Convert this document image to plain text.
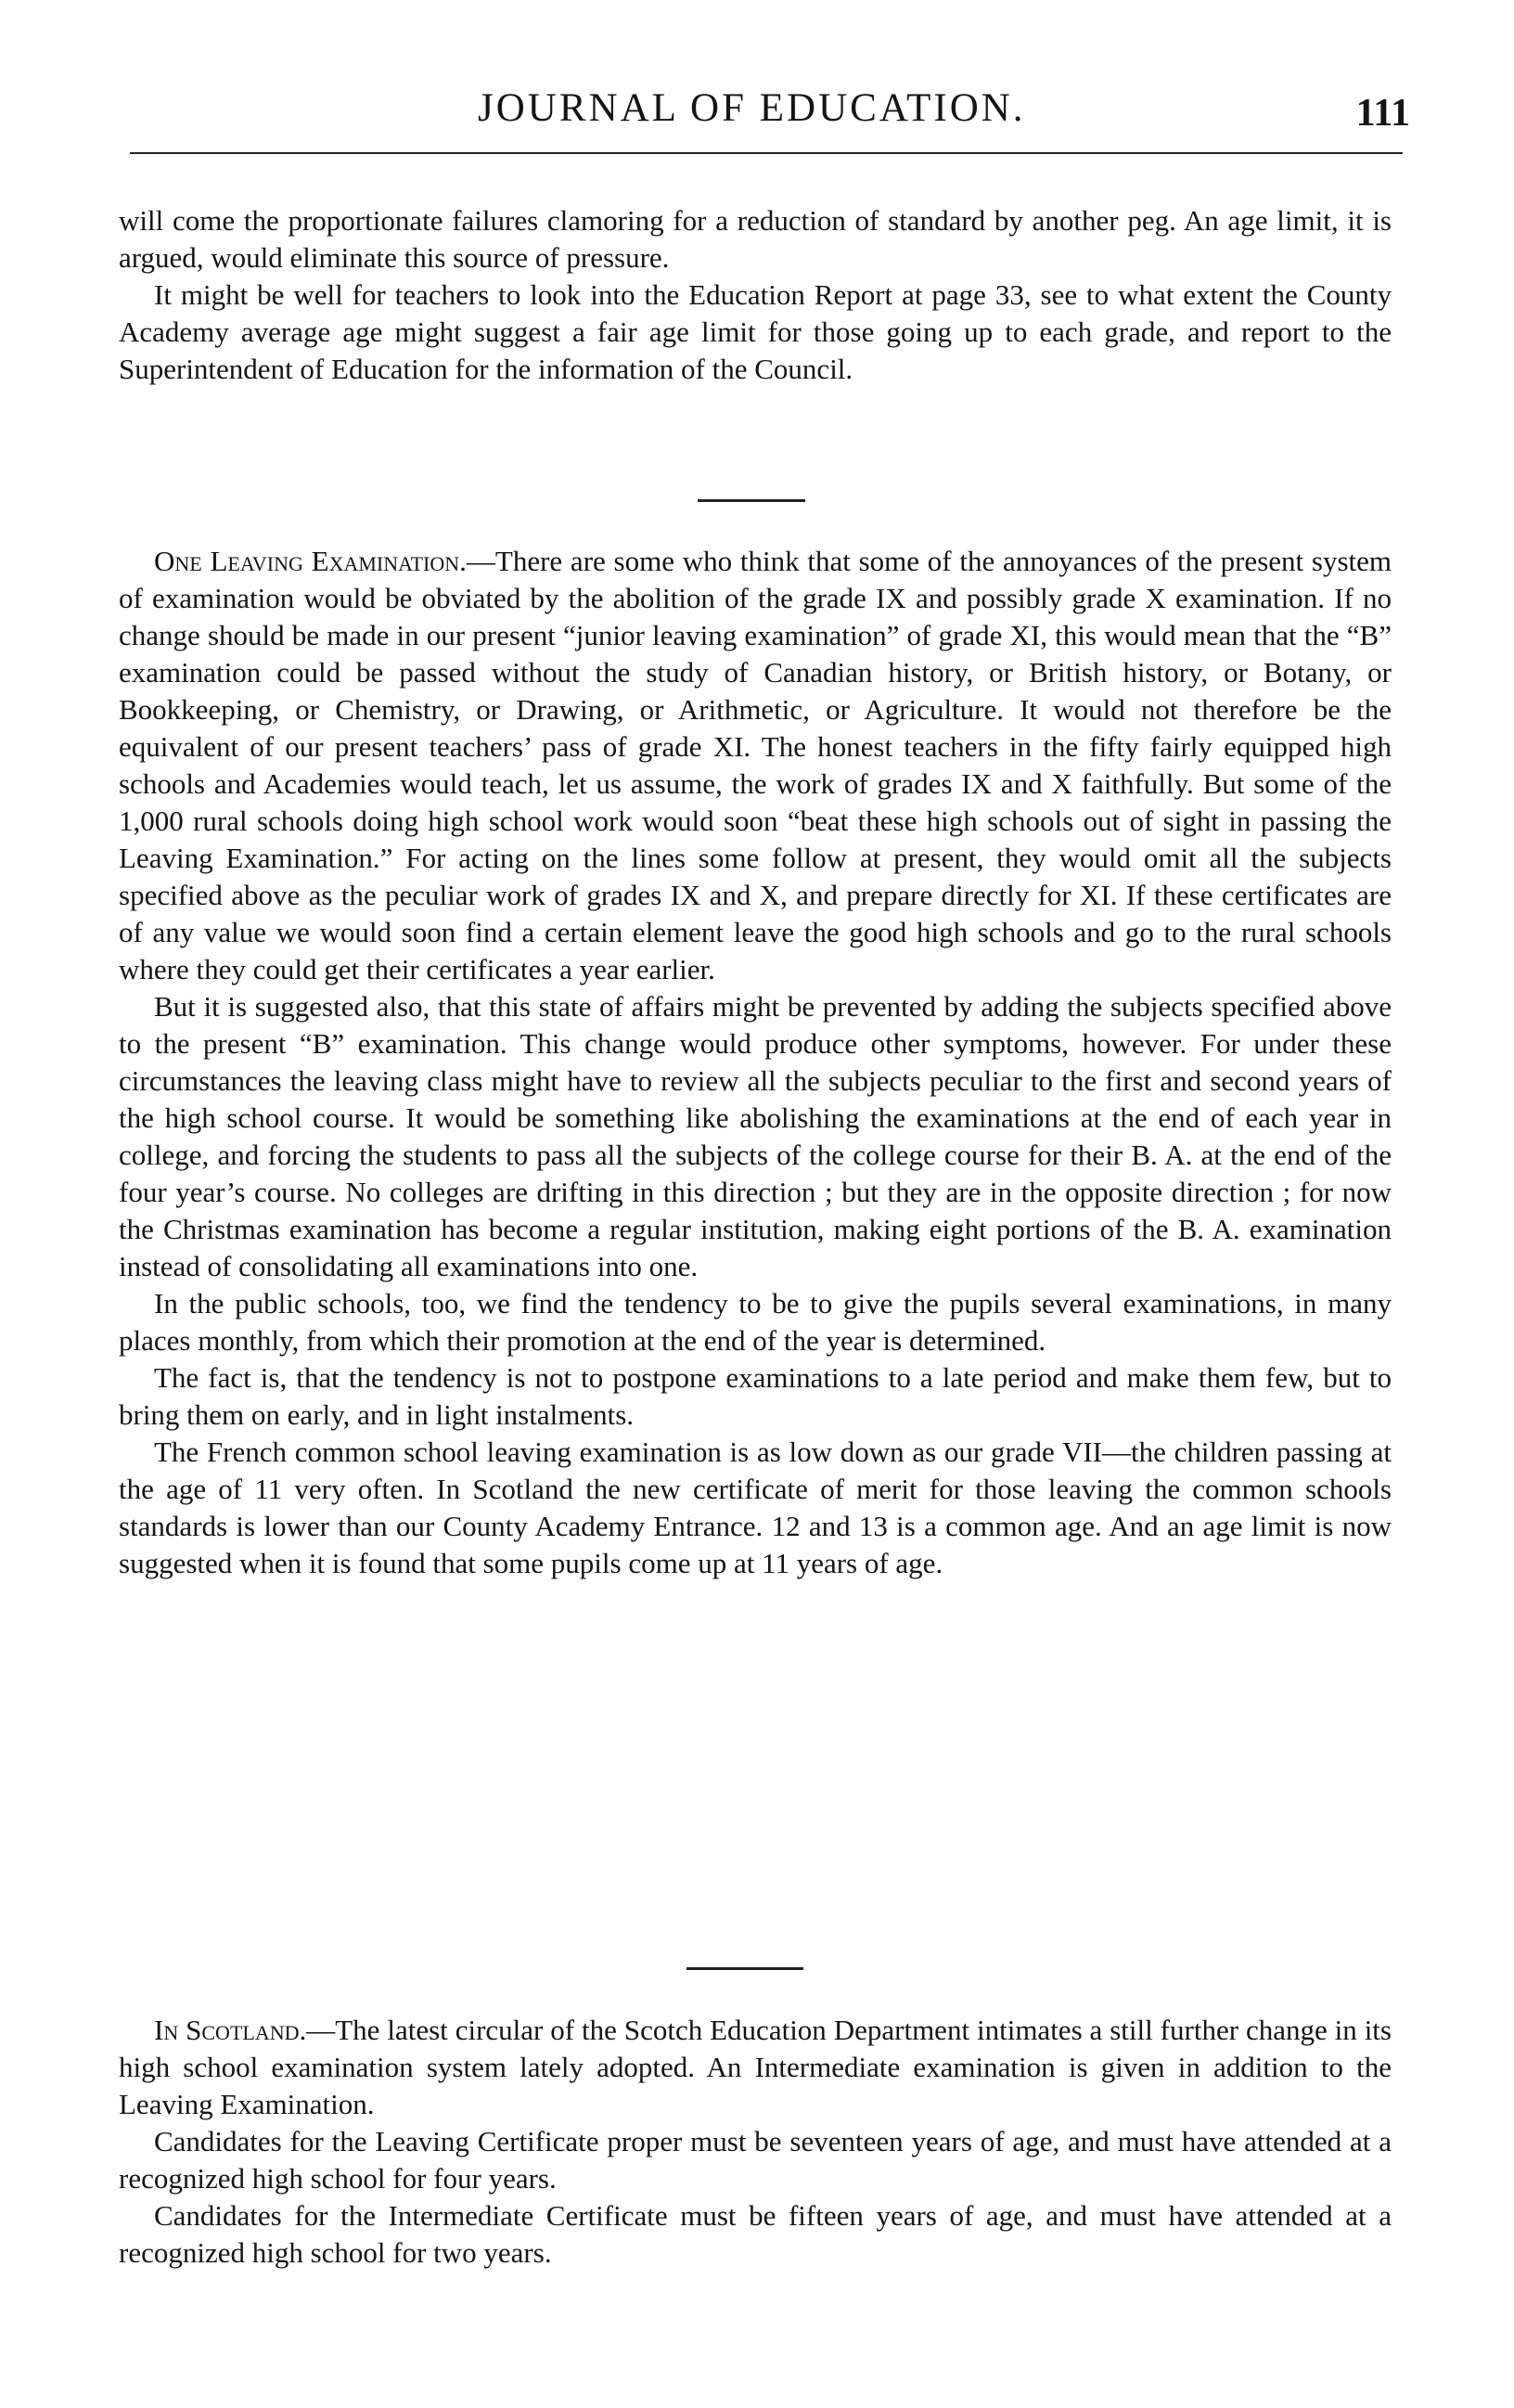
JOURNAL OF EDUCATION.	111

will come the proportionate failures clamoring for a reduction of standard by another peg. An age limit, it is argued, would eliminate this source of pressure.

It might be well for teachers to look into the Education Report at page 33, see to what extent the County Academy average age might suggest a fair age limit for those going up to each grade, and report to the Superintendent of Education for the information of the Council.

One Leaving Examination.—There are some who think that some of the annoyances of the present system of examination would be obviated by the abolition of the grade IX and possibly grade X examination. If no change should be made in our present “junior leaving examination” of grade XI, this would mean that the “B” examination could be passed without the study of Canadian history, or British history, or Botany, or Bookkeeping, or Chemistry, or Drawing, or Arithmetic, or Agriculture. It would not therefore be the equivalent of our present teachers’ pass of grade XI. The honest teachers in the fifty fairly equipped high schools and Academies would teach, let us assume, the work of grades IX and X faithfully. But some of the 1,000 rural schools doing high school work would soon “beat these high schools out of sight in passing the Leaving Examination.” For acting on the lines some follow at present, they would omit all the subjects specified above as the peculiar work of grades IX and X, and prepare directly for XI. If these certificates are of any value we would soon find a certain element leave the good high schools and go to the rural schools where they could get their certificates a year earlier.

But it is suggested also, that this state of affairs might be prevented by adding the subjects specified above to the present “B” examination. This change would produce other symptoms, however. For under these circumstances the leaving class might have to review all the subjects peculiar to the first and second years of the high school course. It would be something like abolishing the examinations at the end of each year in college, and forcing the students to pass all the subjects of the college course for their B. A. at the end of the four year’s course. No colleges are drifting in this direction ; but they are in the opposite direction ; for now the Christmas examination has become a regular institution, making eight portions of the B. A. examination instead of consolidating all examinations into one.

In the public schools, too, we find the tendency to be to give the pupils several examinations, in many places monthly, from which their promotion at the end of the year is determined.

The fact is, that the tendency is not to postpone examinations to a late period and make them few, but to bring them on early, and in light instalments.

The French common school leaving examination is as low down as our grade VII—the children passing at the age of 11 very often. In Scotland the new certificate of merit for those leaving the common schools standards is lower than our County Academy Entrance. 12 and 13 is a common age. And an age limit is now suggested when it is found that some pupils come up at 11 years of age.

In Scotland.—The latest circular of the Scotch Education Department intimates a still further change in its high school examination system lately adopted. An Intermediate examination is given in addition to the Leaving Examination.

Candidates for the Leaving Certificate proper must be seventeen years of age, and must have attended at a recognized high school for four years.

Candidates for the Intermediate Certificate must be fifteen years of age, and must have attended at a recognized high school for two years.
